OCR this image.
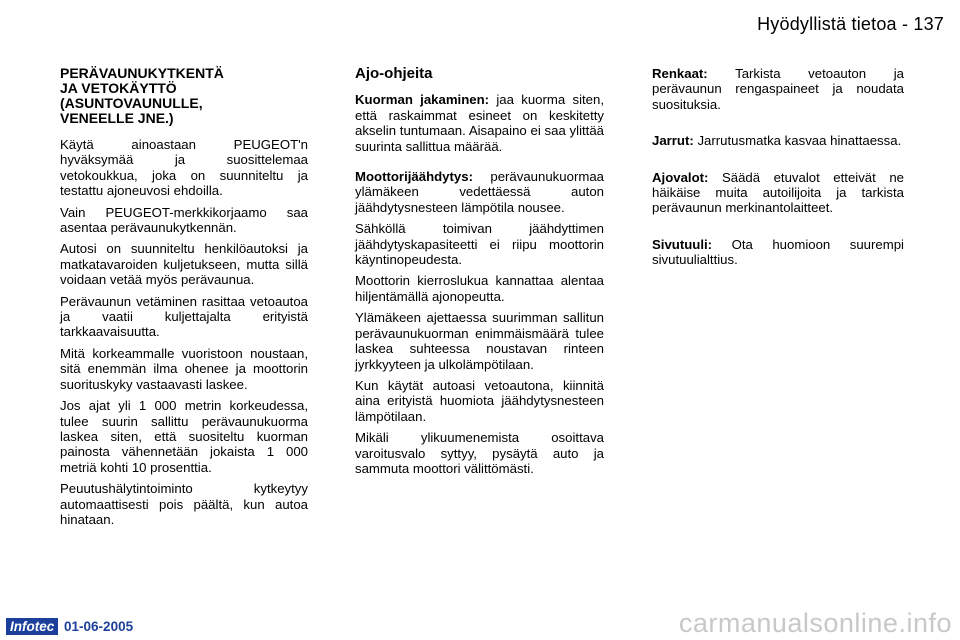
Hyödyllistä tietoa - 137
PERÄVAUNUKYTKENTÄ
JA VETOKÄYTTÖ
(ASUNTOVAUNULLE,
VENEELLE JNE.)

Käytä ainoastaan PEUGEOT'n hyväksymää ja suosittelemaa vetokoukkua, joka on suunniteltu ja testattu ajoneuvosi ehdoilla.

Vain PEUGEOT-merkkikorjaamo saa asentaa perävaunukytkennän.

Autosi on suunniteltu henkilöautoksi ja matkatavaroiden kuljetukseen, mutta sillä voidaan vetää myös perävaunua.

Perävaunun vetäminen rasittaa vetoautoa ja vaatii kuljettajalta erityistä tarkkaavaisuutta.

Mitä korkeammalle vuoristoon noustaan, sitä enemmän ilma ohenee ja moottorin suorituskyky vastaavasti laskee.

Jos ajat yli 1 000 metrin korkeudessa, tulee suurin sallittu perävaunukuorma laskea siten, että suositeltu kuorman painosta vähennetään jokaista 1 000 metriä kohti 10 prosenttia.

Peuutushälytintoiminto kytkeytyy automaattisesti pois päältä, kun autoa hinataan.

Ajo-ohjeita

Kuorman jakaminen: jaa kuorma siten, että raskaimmat esineet on keskitetty akselin tuntumaan. Aisapaino ei saa ylittää suurinta sallittua määrää.

Moottorijäähdytys: perävaunukuormaa ylämäkeen vedettäessä auton jäähdytysnesteen lämpötila nousee.

Sähköllä toimivan jäähdyttimen jäähdytyskapasiteetti ei riipu moottorin käyntinopeudesta.

Moottorin kierroslukua kannattaa alentaa hiljentämällä ajonopeutta.

Ylämäkeen ajettaessa suurimman sallitun perävaunukuorman enimmäismäärä tulee laskea suhteessa noustavan rinteen jyrkkyyteen ja ulkolämpötilaan.

Kun käytät autoasi vetoautona, kiinnitä aina erityistä huomiota jäähdytysnesteen lämpötilaan.

Mikäli ylikuumenemista osoittava varoitusvalo syttyy, pysäytä auto ja sammuta moottori välittömästi.

Renkaat: Tarkista vetoauton ja perävaunun rengaspaineet ja noudata suosituksia.

Jarrut: Jarrutusmatka kasvaa hinattaessa.

Ajovalot: Säädä etuvalot etteivät ne häikäise muita autoilijoita ja tarkista perävaunun merkinantolaitteet.

Sivutuuli: Ota huomioon suurempi sivutuulialttius.

Infotec 01-06-2005	carmanualsonline.info
